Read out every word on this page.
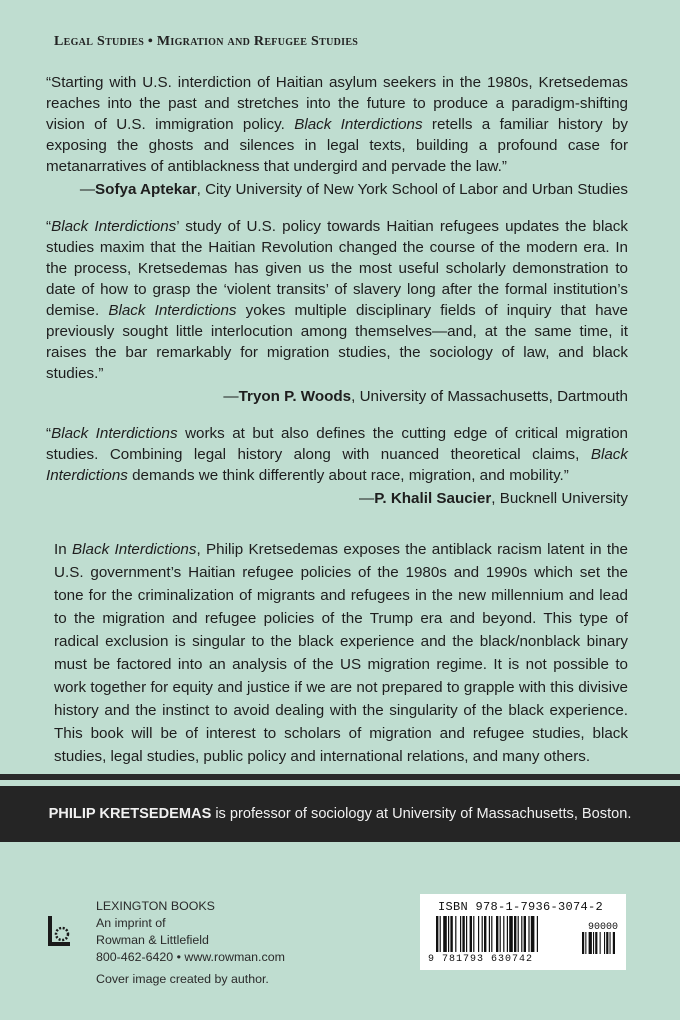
Legal Studies • Migration and Refugee Studies

“Starting with U.S. interdiction of Haitian asylum seekers in the 1980s, Kretsedemas reaches into the past and stretches into the future to produce a paradigm-shifting vision of U.S. immigration policy. Black Interdictions retells a familiar history by exposing the ghosts and silences in legal texts, building a profound case for metanarratives of antiblackness that undergird and pervade the law.”

—Sofya Aptekar, City University of New York School of Labor and Urban Studies

“Black Interdictions’ study of U.S. policy towards Haitian refugees updates the black studies maxim that the Haitian Revolution changed the course of the modern era. In the process, Kretsedemas has given us the most useful scholarly demonstration to date of how to grasp the ‘violent transits’ of slavery long after the formal institution’s demise. Black Interdictions yokes multiple disciplinary fields of inquiry that have previously sought little interlocution among themselves—and, at the same time, it raises the bar remarkably for migration studies, the sociology of law, and black studies.”

—Tryon P. Woods, University of Massachusetts, Dartmouth

“Black Interdictions works at but also defines the cutting edge of critical migration studies. Combining legal history along with nuanced theoretical claims, Black Interdictions demands we think differently about race, migration, and mobility.”

—P. Khalil Saucier, Bucknell University
In Black Interdictions, Philip Kretsedemas exposes the antiblack racism latent in the U.S. government’s Haitian refugee policies of the 1980s and 1990s which set the tone for the criminalization of migrants and refugees in the new millennium and lead to the migration and refugee policies of the Trump era and beyond. This type of radical exclusion is singular to the black experience and the black/nonblack binary must be factored into an analysis of the US migration regime. It is not possible to work together for equity and justice if we are not prepared to grapple with this divisive history and the instinct to avoid dealing with the singularity of the black experience. This book will be of interest to scholars of migration and refugee studies, black studies, legal studies, public policy and international relations, and many others.
PHILIP KRETSEDEMAS is professor of sociology at University of Massachusetts, Boston.
LEXINGTON BOOKS
An imprint of
Rowman & Littlefield
800-462-6420 • www.rowman.com
Cover image created by author.
ISBN 978-1-7936-3074-2
90000
9 781793 630742
